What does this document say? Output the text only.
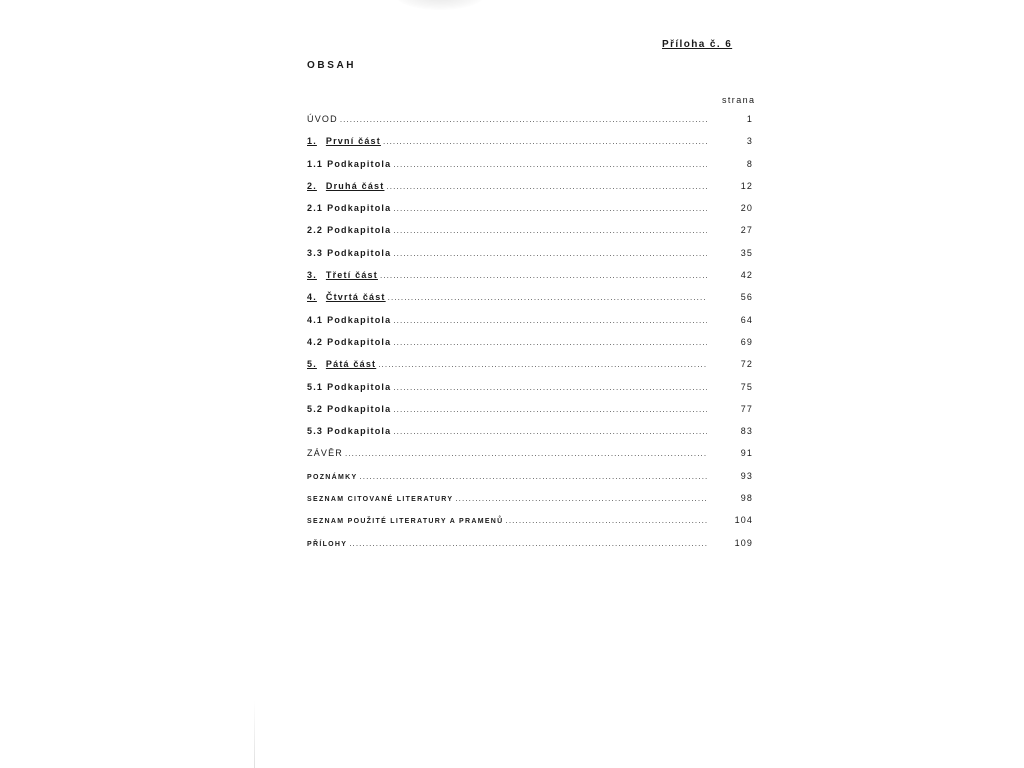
Příloha č. 6
OBSAH
strana
ÚVOD .....	1
1. První část .....	3
1.1 Podkapitola .....	8
2. Druhá část .....	12
2.1 Podkapitola .....	20
2.2 Podkapitola .....	27
3.3 Podkapitola .....	35
3. Třetí část .....	42
4. Čtvrtá část .....	56
4.1 Podkapitola .....	64
4.2 Podkapitola .....	69
5. Pátá část .....	72
5.1 Podkapitola .....	75
5.2 Podkapitola .....	77
5.3 Podkapitola .....	83
ZÁVĚR .....	91
POZNÁMKY .....	93
SEZNAM CITOVANÉ LITERATURY .....	98
SEZNAM POUŽITÉ LITERATURY A PRAMENŮ .....	104
PŘÍLOHY .....	109
